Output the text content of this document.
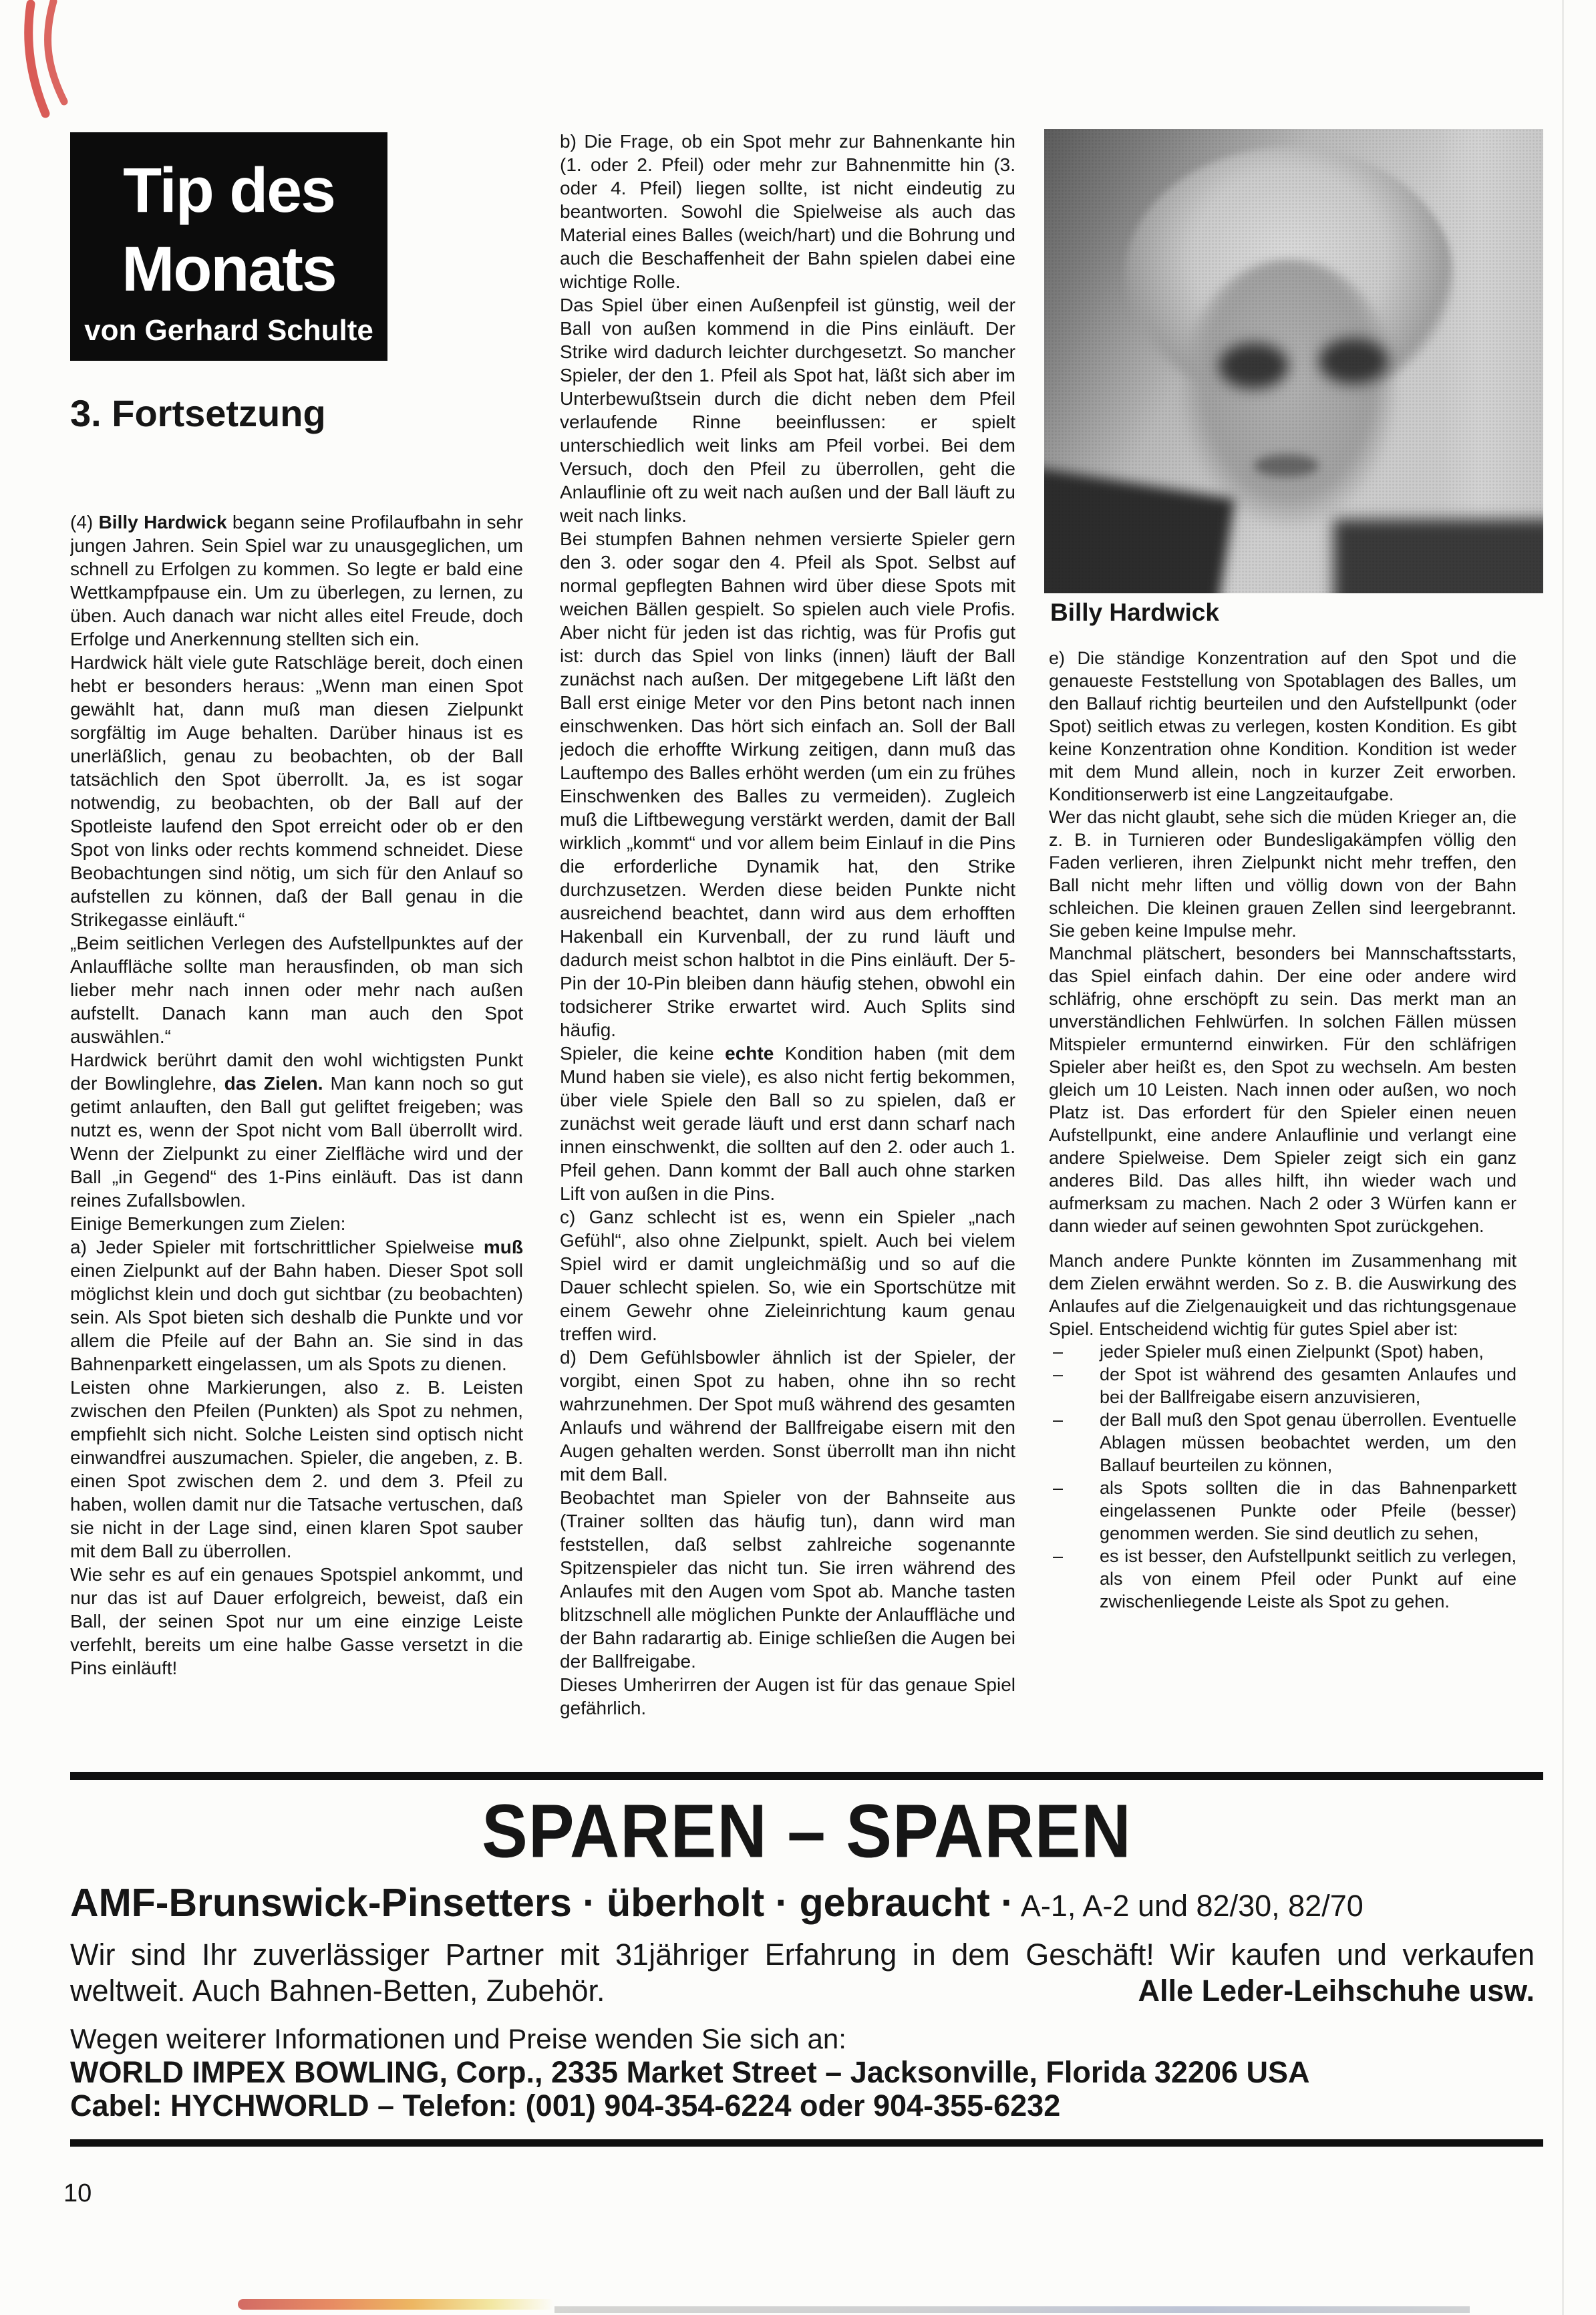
Tip des
Monats
von Gerhard Schulte
3. Fortsetzung

(4) Billy Hardwick begann seine Profilaufbahn in sehr jungen Jahren. Sein Spiel war zu unausgeglichen, um schnell zu Erfolgen zu kommen. So legte er bald eine Wettkampfpause ein. Um zu überlegen, zu lernen, zu üben. Auch danach war nicht alles eitel Freude, doch Erfolge und Anerkennung stellten sich ein.

Hardwick hält viele gute Ratschläge bereit, doch einen hebt er besonders heraus: „Wenn man einen Spot gewählt hat, dann muß man diesen Zielpunkt sorgfältig im Auge behalten. Darüber hinaus ist es unerläßlich, genau zu beobachten, ob der Ball tatsächlich den Spot überrollt. Ja, es ist sogar notwendig, zu beobachten, ob der Ball auf der Spotleiste laufend den Spot erreicht oder ob er den Spot von links oder rechts kommend schneidet. Diese Beobachtungen sind nötig, um sich für den Anlauf so aufstellen zu können, daß der Ball genau in die Strikegasse einläuft.“

„Beim seitlichen Verlegen des Aufstellpunktes auf der Anlauffläche sollte man herausfinden, ob man sich lieber mehr nach innen oder mehr nach außen aufstellt. Danach kann man auch den Spot auswählen.“

Hardwick berührt damit den wohl wichtigsten Punkt der Bowlinglehre, das Zielen. Man kann noch so gut getimt anlauften, den Ball gut geliftet freigeben; was nutzt es, wenn der Spot nicht vom Ball überrollt wird. Wenn der Zielpunkt zu einer Zielfläche wird und der Ball „in Gegend“ des 1-Pins einläuft. Das ist dann reines Zufallsbowlen.

Einige Bemerkungen zum Zielen:

a) Jeder Spieler mit fortschrittlicher Spielweise muß einen Zielpunkt auf der Bahn haben. Dieser Spot soll möglichst klein und doch gut sichtbar (zu beobachten) sein. Als Spot bieten sich deshalb die Punkte und vor allem die Pfeile auf der Bahn an. Sie sind in das Bahnenparkett eingelassen, um als Spots zu dienen.

Leisten ohne Markierungen, also z. B. Leisten zwischen den Pfeilen (Punkten) als Spot zu nehmen, empfiehlt sich nicht. Solche Leisten sind optisch nicht einwandfrei auszumachen. Spieler, die angeben, z. B. einen Spot zwischen dem 2. und dem 3. Pfeil zu haben, wollen damit nur die Tatsache vertuschen, daß sie nicht in der Lage sind, einen klaren Spot sauber mit dem Ball zu überrollen.

Wie sehr es auf ein genaues Spotspiel ankommt, und nur das ist auf Dauer erfolgreich, beweist, daß ein Ball, der seinen Spot nur um eine einzige Leiste verfehlt, bereits um eine halbe Gasse versetzt in die Pins einläuft!

b) Die Frage, ob ein Spot mehr zur Bahnenkante hin (1. oder 2. Pfeil) oder mehr zur Bahnenmitte hin (3. oder 4. Pfeil) liegen sollte, ist nicht eindeutig zu beantworten. Sowohl die Spielweise als auch das Material eines Balles (weich/hart) und die Bohrung und auch die Beschaffenheit der Bahn spielen dabei eine wichtige Rolle.

Das Spiel über einen Außenpfeil ist günstig, weil der Ball von außen kommend in die Pins einläuft. Der Strike wird dadurch leichter durchgesetzt. So mancher Spieler, der den 1. Pfeil als Spot hat, läßt sich aber im Unterbewußtsein durch die dicht neben dem Pfeil verlaufende Rinne beeinflussen: er spielt unterschiedlich weit links am Pfeil vorbei. Bei dem Versuch, doch den Pfeil zu überrollen, geht die Anlauflinie oft zu weit nach außen und der Ball läuft zu weit nach links.

Bei stumpfen Bahnen nehmen versierte Spieler gern den 3. oder sogar den 4. Pfeil als Spot. Selbst auf normal gepflegten Bahnen wird über diese Spots mit weichen Bällen gespielt. So spielen auch viele Profis. Aber nicht für jeden ist das richtig, was für Profis gut ist: durch das Spiel von links (innen) läuft der Ball zunächst nach außen. Der mitgegebene Lift läßt den Ball erst einige Meter vor den Pins betont nach innen einschwenken. Das hört sich einfach an. Soll der Ball jedoch die erhoffte Wirkung zeitigen, dann muß das Lauftempo des Balles erhöht werden (um ein zu frühes Einschwenken des Balles zu vermeiden). Zugleich muß die Liftbewegung verstärkt werden, damit der Ball wirklich „kommt“ und vor allem beim Einlauf in die Pins die erforderliche Dynamik hat, den Strike durchzusetzen. Werden diese beiden Punkte nicht ausreichend beachtet, dann wird aus dem erhofften Hakenball ein Kurvenball, der zu rund läuft und dadurch meist schon halbtot in die Pins einläuft. Der 5-Pin der 10-Pin bleiben dann häufig stehen, obwohl ein todsicherer Strike erwartet wird. Auch Splits sind häufig.

Spieler, die keine echte Kondition haben (mit dem Mund haben sie viele), es also nicht fertig bekommen, über viele Spiele den Ball so zu spielen, daß er zunächst weit gerade läuft und erst dann scharf nach innen einschwenkt, die sollten auf den 2. oder auch 1. Pfeil gehen. Dann kommt der Ball auch ohne starken Lift von außen in die Pins.

c) Ganz schlecht ist es, wenn ein Spieler „nach Gefühl“, also ohne Zielpunkt, spielt. Auch bei vielem Spiel wird er damit ungleichmäßig und so auf die Dauer schlecht spielen. So, wie ein Sportschütze mit einem Gewehr ohne Zieleinrichtung kaum genau treffen wird.

d) Dem Gefühlsbowler ähnlich ist der Spieler, der vorgibt, einen Spot zu haben, ohne ihn so recht wahrzunehmen. Der Spot muß während des gesamten Anlaufs und während der Ballfreigabe eisern mit den Augen gehalten werden. Sonst überrollt man ihn nicht mit dem Ball.

Beobachtet man Spieler von der Bahnseite aus (Trainer sollten das häufig tun), dann wird man feststellen, daß selbst zahlreiche sogenannte Spitzenspieler das nicht tun. Sie irren während des Anlaufes mit den Augen vom Spot ab. Manche tasten blitzschnell alle möglichen Punkte der Anlauffläche und der Bahn radarartig ab. Einige schließen die Augen bei der Ballfreigabe.

Dieses Umherirren der Augen ist für das genaue Spiel gefährlich.

e) Die ständige Konzentration auf den Spot und die genaueste Feststellung von Spotablagen des Balles, um den Ballauf richtig beurteilen und den Aufstellpunkt (oder Spot) seitlich etwas zu verlegen, kosten Kondition. Es gibt keine Konzentration ohne Kondition. Kondition ist weder mit dem Mund allein, noch in kurzer Zeit erworben. Konditionserwerb ist eine Langzeitaufgabe.

Wer das nicht glaubt, sehe sich die müden Krieger an, die z. B. in Turnieren oder Bundesligakämpfen völlig den Faden verlieren, ihren Zielpunkt nicht mehr treffen, den Ball nicht mehr liften und völlig down von der Bahn schleichen. Die kleinen grauen Zellen sind leergebrannt. Sie geben keine Impulse mehr.

Manchmal plätschert, besonders bei Mannschaftsstarts, das Spiel einfach dahin. Der eine oder andere wird schläfrig, ohne erschöpft zu sein. Das merkt man an unverständlichen Fehlwürfen. In solchen Fällen müssen Mitspieler ermunternd einwirken. Für den schläfrigen Spieler aber heißt es, den Spot zu wechseln. Am besten gleich um 10 Leisten. Nach innen oder außen, wo noch Platz ist. Das erfordert für den Spieler einen neuen Aufstellpunkt, eine andere Anlauflinie und verlangt eine andere Spielweise. Dem Spieler zeigt sich ein ganz anderes Bild. Das alles hilft, ihn wieder wach und aufmerksam zu machen. Nach 2 oder 3 Würfen kann er dann wieder auf seinen gewohnten Spot zurückgehen.

Manch andere Punkte könnten im Zusammenhang mit dem Zielen erwähnt werden. So z. B. die Auswirkung des Anlaufes auf die Zielgenauigkeit und das richtungsgenaue Spiel. Entscheidend wichtig für gutes Spiel aber ist:

– jeder Spieler muß einen Zielpunkt (Spot) haben,

– der Spot ist während des gesamten Anlaufes und bei der Ballfreigabe eisern anzuvisieren,

– der Ball muß den Spot genau überrollen. Eventuelle Ablagen müssen beobachtet werden, um den Ballauf beurteilen zu können,

– als Spots sollten die in das Bahnenparkett eingelassenen Punkte oder Pfeile (besser) genommen werden. Sie sind deutlich zu sehen,

– es ist besser, den Aufstellpunkt seitlich zu verlegen, als von einem Pfeil oder Punkt auf eine zwischenliegende Leiste als Spot zu gehen.

Billy Hardwick
SPAREN – SPAREN
AMF-Brunswick-Pinsetters · überholt · gebraucht · A-1, A-2 und 82/30, 82/70
Wir sind Ihr zuverlässiger Partner mit 31jähriger Erfahrung in dem Geschäft! Wir kaufen und verkaufen
weltweit. Auch Bahnen-Betten, Zubehör.	Alle Leder-Leihschuhe usw.
Wegen weiterer Informationen und Preise wenden Sie sich an:
WORLD IMPEX BOWLING, Corp., 2335 Market Street – Jacksonville, Florida 32206 USA
Cabel: HYCHWORLD – Telefon: (001) 904-354-6224 oder 904-355-6232
10
